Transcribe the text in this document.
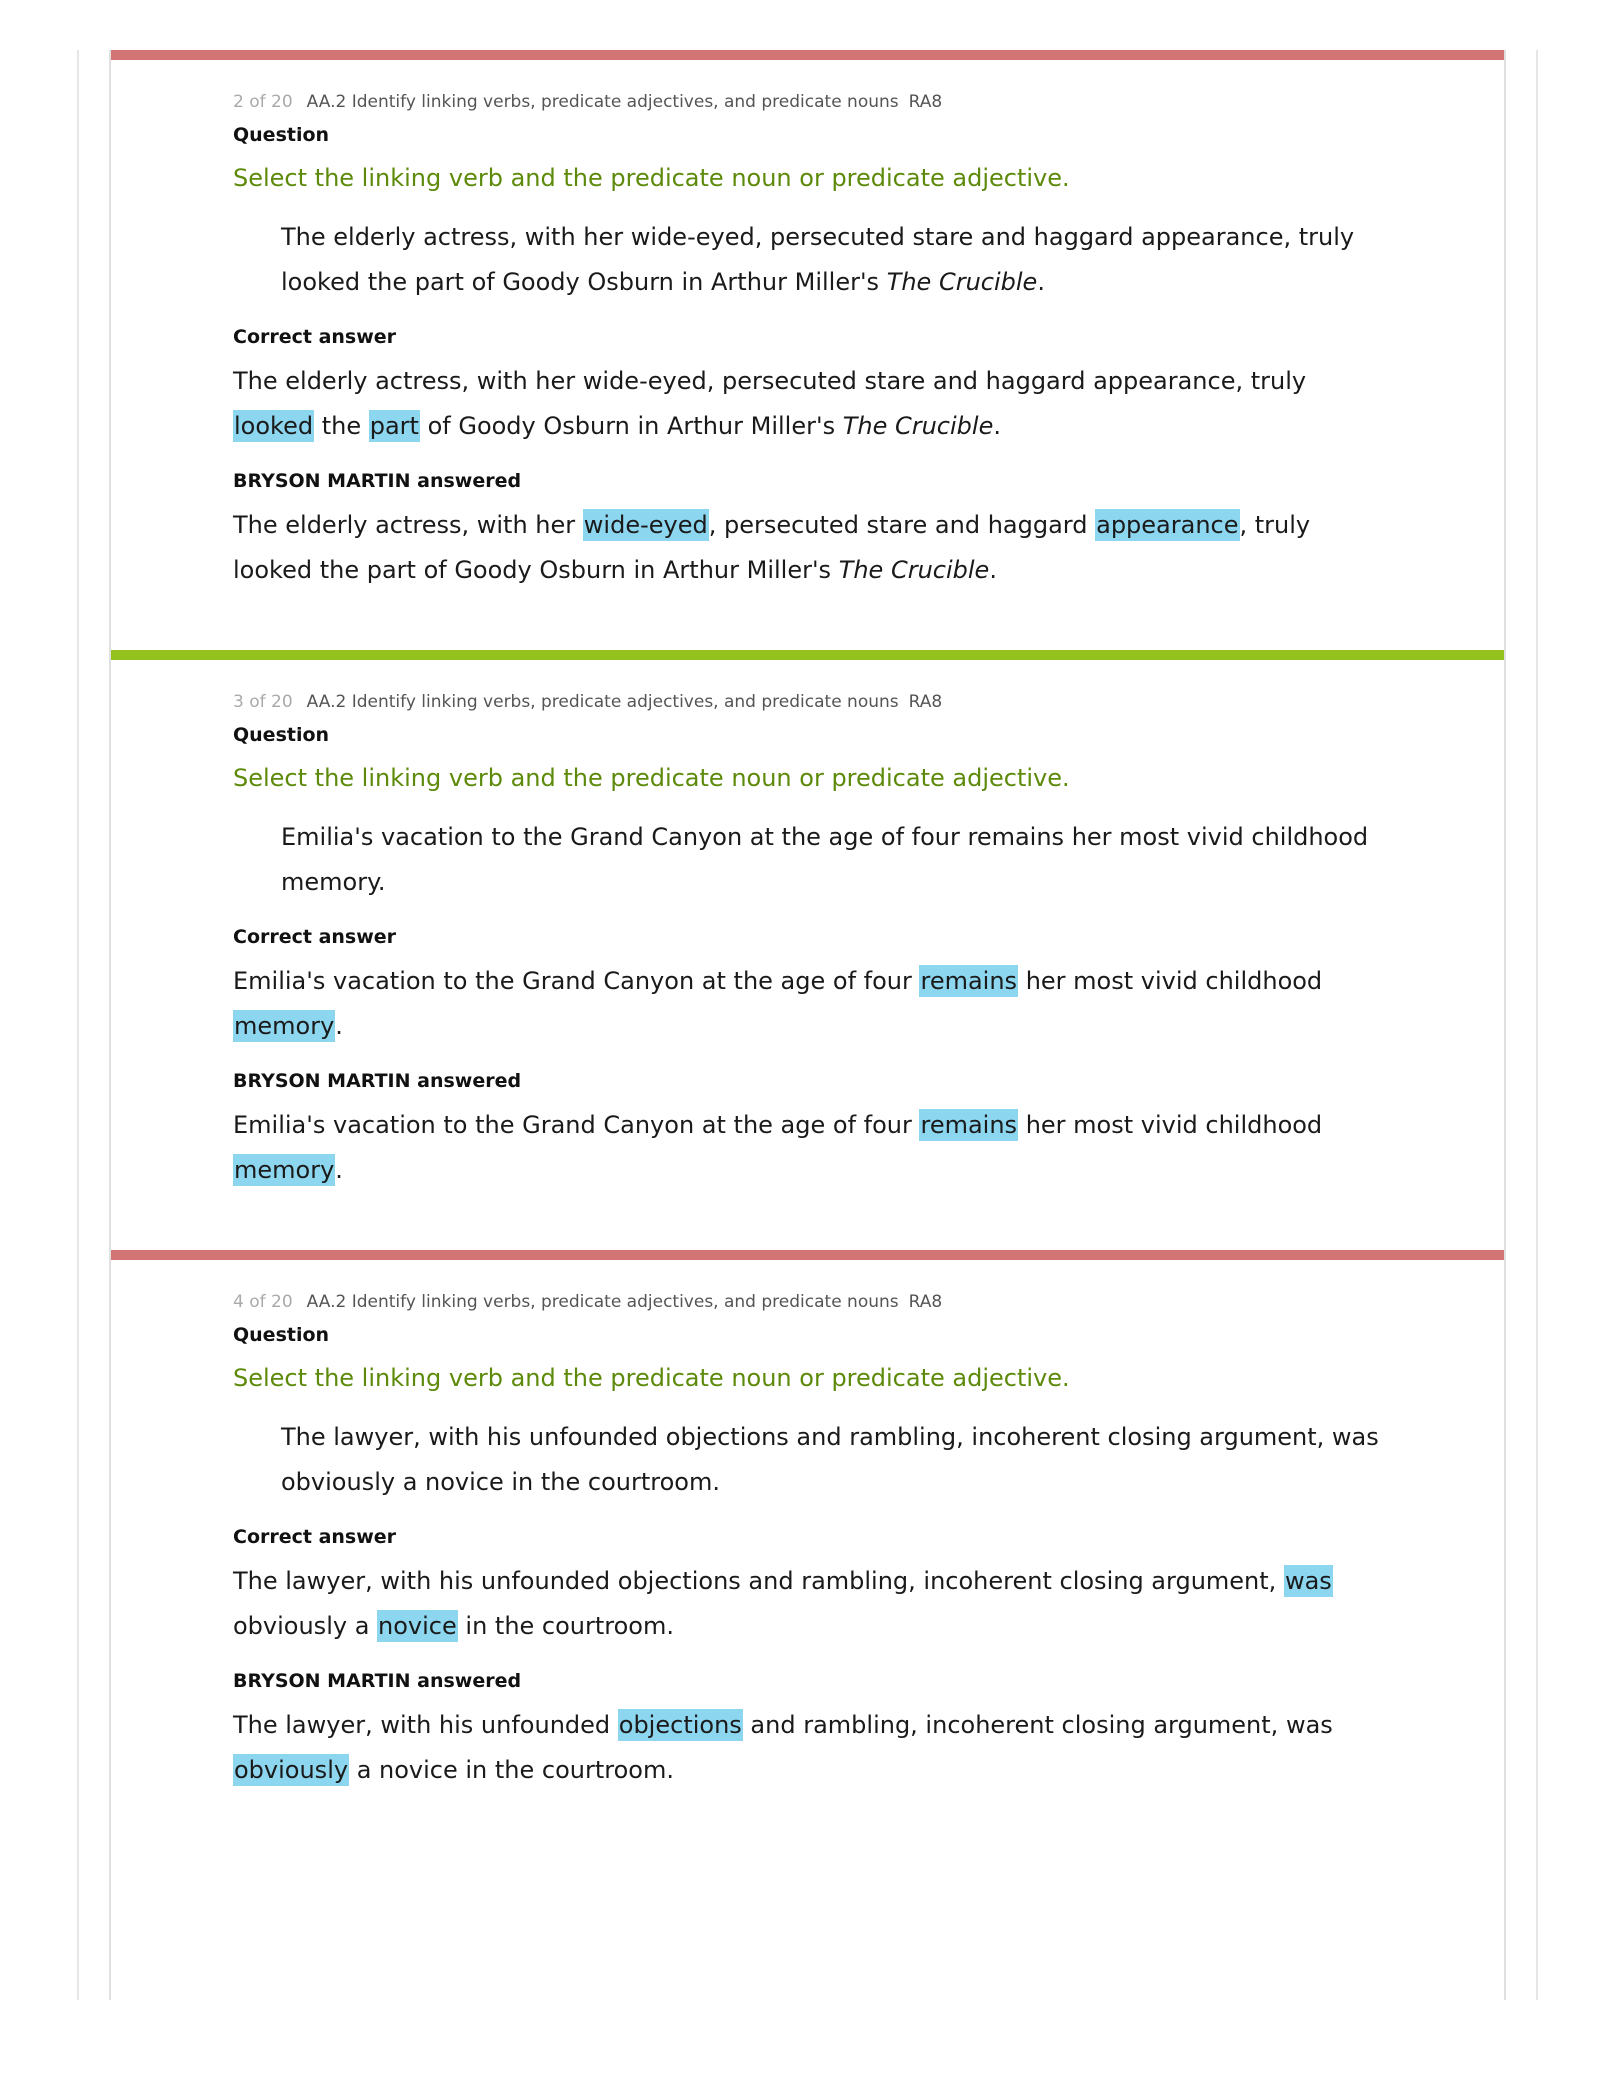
2 of 20 AA.2 Identify linking verbs, predicate adjectives, and predicate nouns RA8
Question
Select the linking verb and the predicate noun or predicate adjective.
The elderly actress, with her wide-eyed, persecuted stare and haggard appearance, truly looked the part of Goody Osburn in Arthur Miller's The Crucible.
Correct answer
The elderly actress, with her wide-eyed, persecuted stare and haggard appearance, truly looked the part of Goody Osburn in Arthur Miller's The Crucible.
BRYSON MARTIN answered
The elderly actress, with her wide-eyed, persecuted stare and haggard appearance, truly looked the part of Goody Osburn in Arthur Miller's The Crucible.
3 of 20 AA.2 Identify linking verbs, predicate adjectives, and predicate nouns RA8
Question
Select the linking verb and the predicate noun or predicate adjective.
Emilia's vacation to the Grand Canyon at the age of four remains her most vivid childhood memory.
Correct answer
Emilia's vacation to the Grand Canyon at the age of four remains her most vivid childhood memory.
BRYSON MARTIN answered
Emilia's vacation to the Grand Canyon at the age of four remains her most vivid childhood memory.
4 of 20 AA.2 Identify linking verbs, predicate adjectives, and predicate nouns RA8
Question
Select the linking verb and the predicate noun or predicate adjective.
The lawyer, with his unfounded objections and rambling, incoherent closing argument, was obviously a novice in the courtroom.
Correct answer
The lawyer, with his unfounded objections and rambling, incoherent closing argument, was obviously a novice in the courtroom.
BRYSON MARTIN answered
The lawyer, with his unfounded objections and rambling, incoherent closing argument, was obviously a novice in the courtroom.
